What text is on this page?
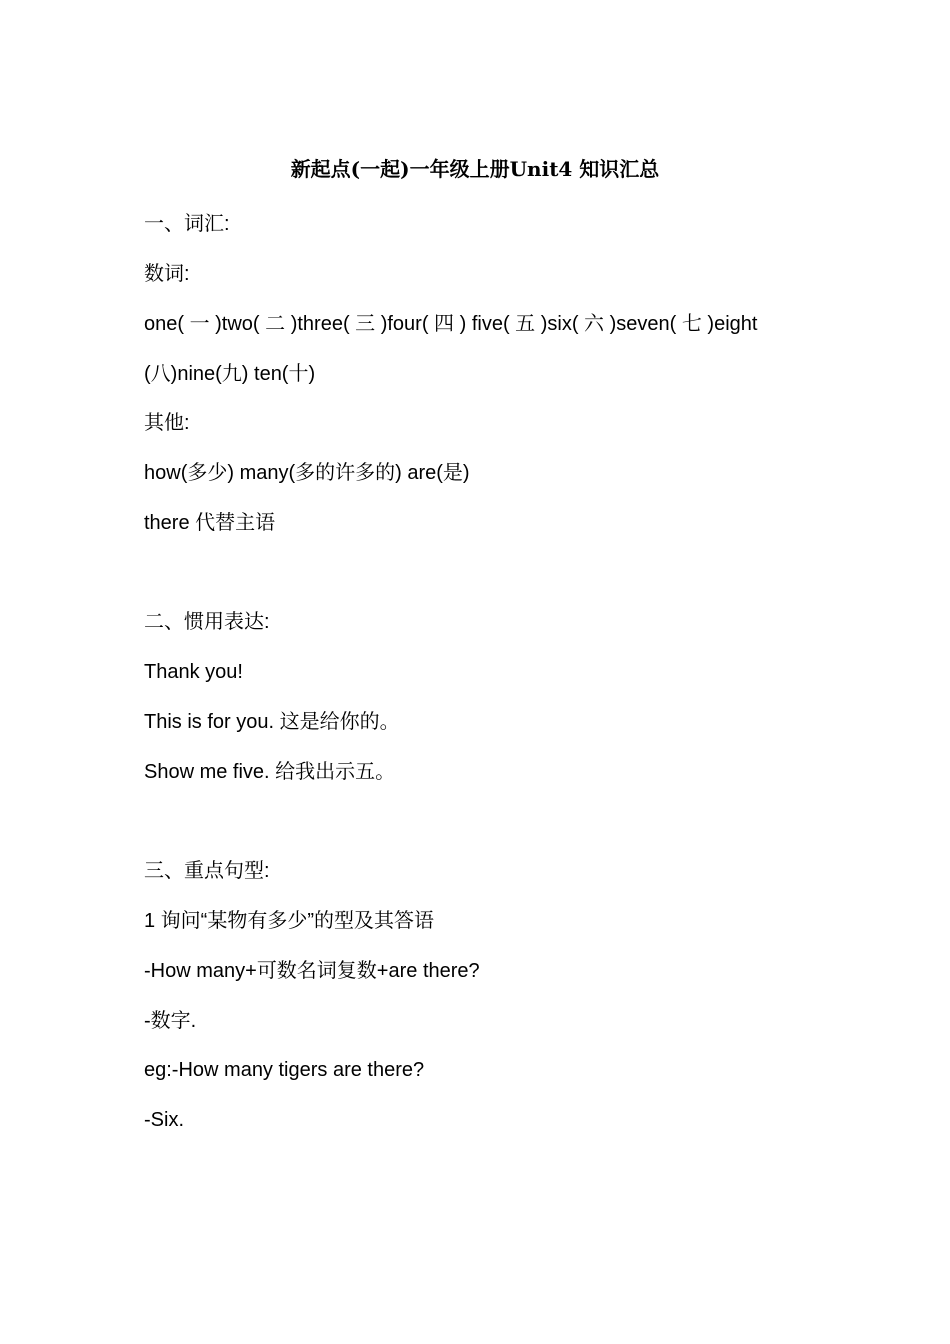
新起点(一起)一年级上册Unit4 知识汇总
一、词汇:
数词:
one( 一 )two( 二 )three( 三 )four( 四 ) five( 五 )six( 六 )seven( 七 )eight
(八)nine(九) ten(十)
其他:
how(多少) many(多的许多的) are(是)
there 代替主语
二、惯用表达:
Thank you!
This is for you. 这是给你的。
Show me five. 给我出示五。
三、重点句型:
1 询问“某物有多少”的型及其答语
-How many+可数名词复数+are there?
-数字.
eg:-How many tigers are there?
-Six.
